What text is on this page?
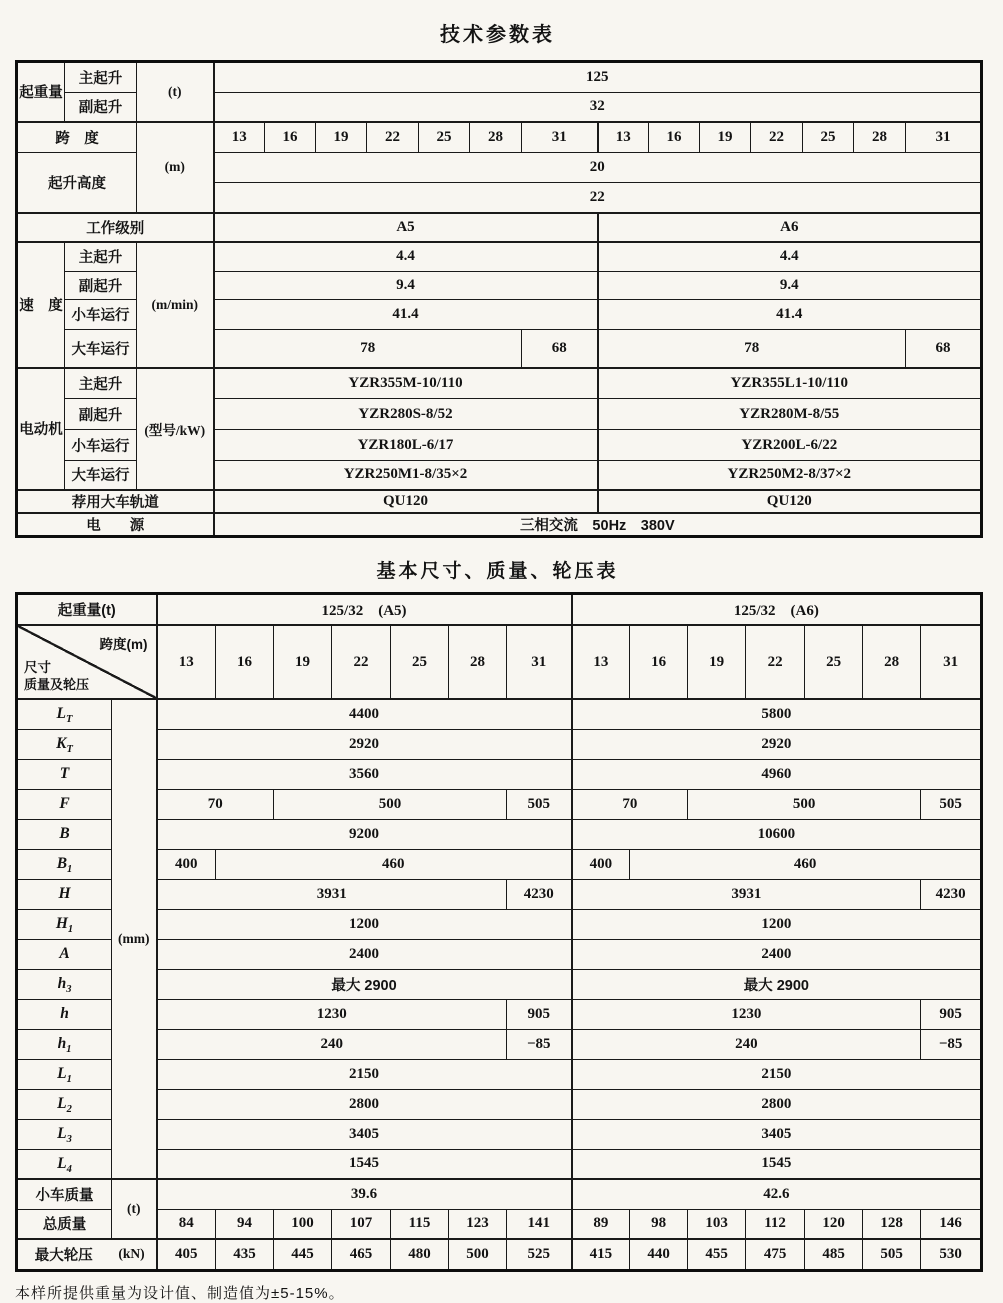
技术参数表
起重量	主起升	(t)	125													
	副起升		32													
跨　度		(m)	13	16	19	22	25	28	31	13	16	19	22	25	28	31
起升高度			20													
			22													
工作级别			A5							A6						
速　度	主起升	(m/min)	4.4							4.4						
	副起升		9.4							9.4						
	小车运行		41.4							41.4						
	大车运行		78						68	78						68
电动机	主起升	(型号/kW)	YZR355M-10/110							YZR355L1-10/110						
	副起升		YZR280S-8/52							YZR280M-8/55						
	小车运行		YZR180L-6/17							YZR200L-6/22						
	大车运行		YZR250M1-8/35×2							YZR250M2-8/37×2						
荐用大车轨道			QU120							QU120						
电　　源			三相交流　50Hz　380V													
基本尺寸、质量、轮压表
起重量(t)		125/32　(A5)							125/32　(A6)						

跨度(m)
尺寸
质量及轮压		13	16	19	22	25	28	31	13	16	19	22	25	28	31
$L_T$	(mm)	4400							5800						
$K_T$		2920							2920						
T		3560							4960						
F		70		500				505	70		500				505
B		9200							10600						
$B_1$		400	460						400	460					
H		3931						4230	3931						4230
$H_1$		1200							1200						
A		2400							2400						
$h_3$		最大 2900							最大 2900						
h		1230						905	1230						905
$h_1$		240						−85	240						−85
$L_1$		2150							2150						
$L_2$		2800							2800						
$L_3$		3405							3405						
$L_4$		1545							1545						
小车质量	(t)	39.6							42.6						
总质量		84	94	100	107	115	123	141	89	98	103	112	120	128	146

最大轮压 (kN)		405	435	445	465	480	500	525	415	440	455	475	485	505	530
本样所提供重量为设计值、制造值为±5-15%。
